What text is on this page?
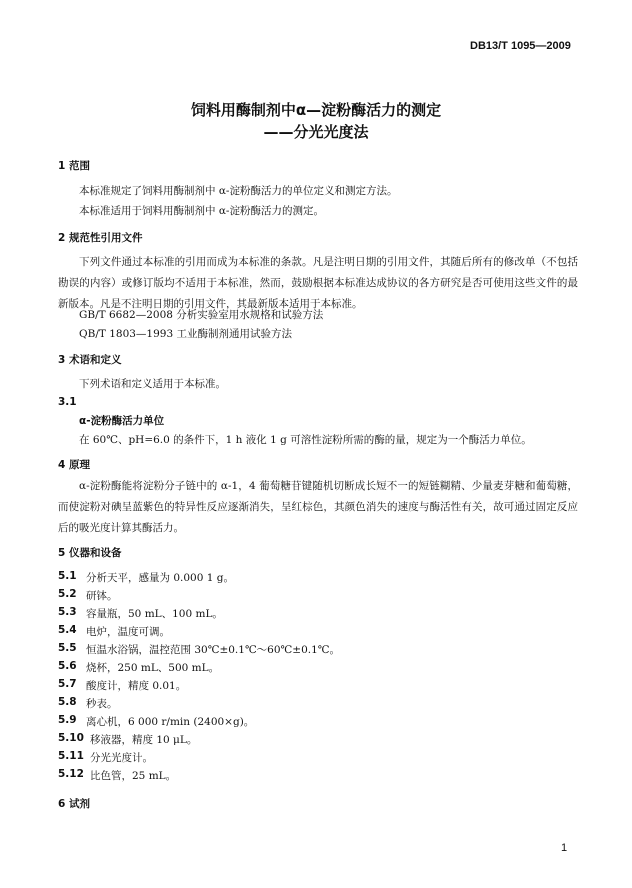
DB13/T 1095—2009
饲料用酶制剂中α—淀粉酶活力的测定
——分光光度法
1 范围
本标准规定了饲料用酶制剂中 α-淀粉酶活力的单位定义和测定方法。
本标准适用于饲料用酶制剂中 α-淀粉酶活力的测定。
2 规范性引用文件
下列文件通过本标准的引用而成为本标准的条款。凡是注明日期的引用文件，其随后所有的修改单（不包括勘误的内容）或修订版均不适用于本标准，然而，鼓励根据本标准达成协议的各方研究是否可使用这些文件的最新版本。凡是不注明日期的引用文件，其最新版本适用于本标准。
GB/T 6682—2008 分析实验室用水规格和试验方法
QB/T 1803—1993 工业酶制剂通用试验方法
3 术语和定义
下列术语和定义适用于本标准。
3.1
α-淀粉酶活力单位
在 60℃、pH=6.0 的条件下，1 h 液化 1 g 可溶性淀粉所需的酶的量，规定为一个酶活力单位。
4 原理
α-淀粉酶能将淀粉分子链中的 α-1，4 葡萄糖苷键随机切断成长短不一的短链糊精、少量麦芽糖和葡萄糖，而使淀粉对碘呈蓝紫色的特异性反应逐渐消失，呈红棕色，其颜色消失的速度与酶活性有关，故可通过固定反应后的吸光度计算其酶活力。
5 仪器和设备
5.1 分析天平，感量为 0.000 1 g。
5.2 研钵。
5.3 容量瓶，50 mL、100 mL。
5.4 电炉，温度可调。
5.5 恒温水浴锅，温控范围 30℃±0.1℃～60℃±0.1℃。
5.6 烧杯，250 mL、500 mL。
5.7 酸度计，精度 0.01。
5.8 秒表。
5.9 离心机，6 000 r/min (2400×g)。
5.10 移液器，精度 10 μL。
5.11 分光光度计。
5.12 比色管，25 mL。
6 试剂
1
